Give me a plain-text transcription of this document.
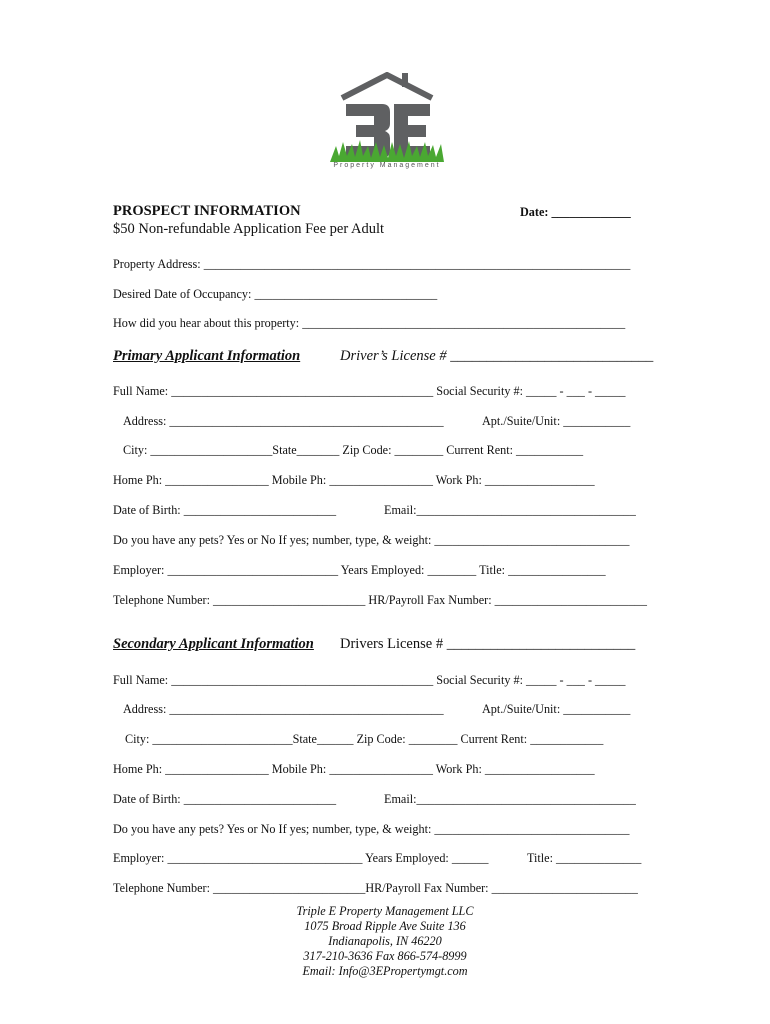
Property Management
PROSPECT INFORMATION	Date: _____________
$50 Non-refundable Application Fee per Adult
Property Address: ______________________________________________________________________
Desired Date of Occupancy: ______________________________
How did you hear about this property: _____________________________________________________
Primary Applicant Information	Driver’s License # ____________________________
Full Name: ___________________________________________ Social Security #: _____ - ___ - _____
Address: _____________________________________________	Apt./Suite/Unit: ___________
City: ____________________State_______ Zip Code: ________ Current Rent: ___________
Home Ph: _________________ Mobile Ph: _________________ Work Ph: __________________
Date of Birth: _________________________	Email:____________________________________
Do you have any pets? Yes or No If yes; number, type, & weight: ________________________________
Employer: ____________________________ Years Employed: ________ Title: ________________
Telephone Number: _________________________ HR/Payroll Fax Number: _________________________
Secondary Applicant Information Drivers License # __________________________
Full Name: ___________________________________________ Social Security #: _____ - ___ - _____
Address: _____________________________________________	Apt./Suite/Unit: ___________
City: _______________________State______ Zip Code: ________ Current Rent: ____________
Home Ph: _________________ Mobile Ph: _________________ Work Ph: __________________
Date of Birth: _________________________	Email:____________________________________
Do you have any pets? Yes or No If yes; number, type, & weight: ________________________________
Employer: ________________________________ Years Employed: ______	Title: ______________
Telephone Number: _________________________HR/Payroll Fax Number: ________________________
Triple E Property Management LLC
1075 Broad Ripple Ave Suite 136
Indianapolis, IN 46220
317-210-3636 Fax 866-574-8999
Email: Info@3EPropertymgt.com
